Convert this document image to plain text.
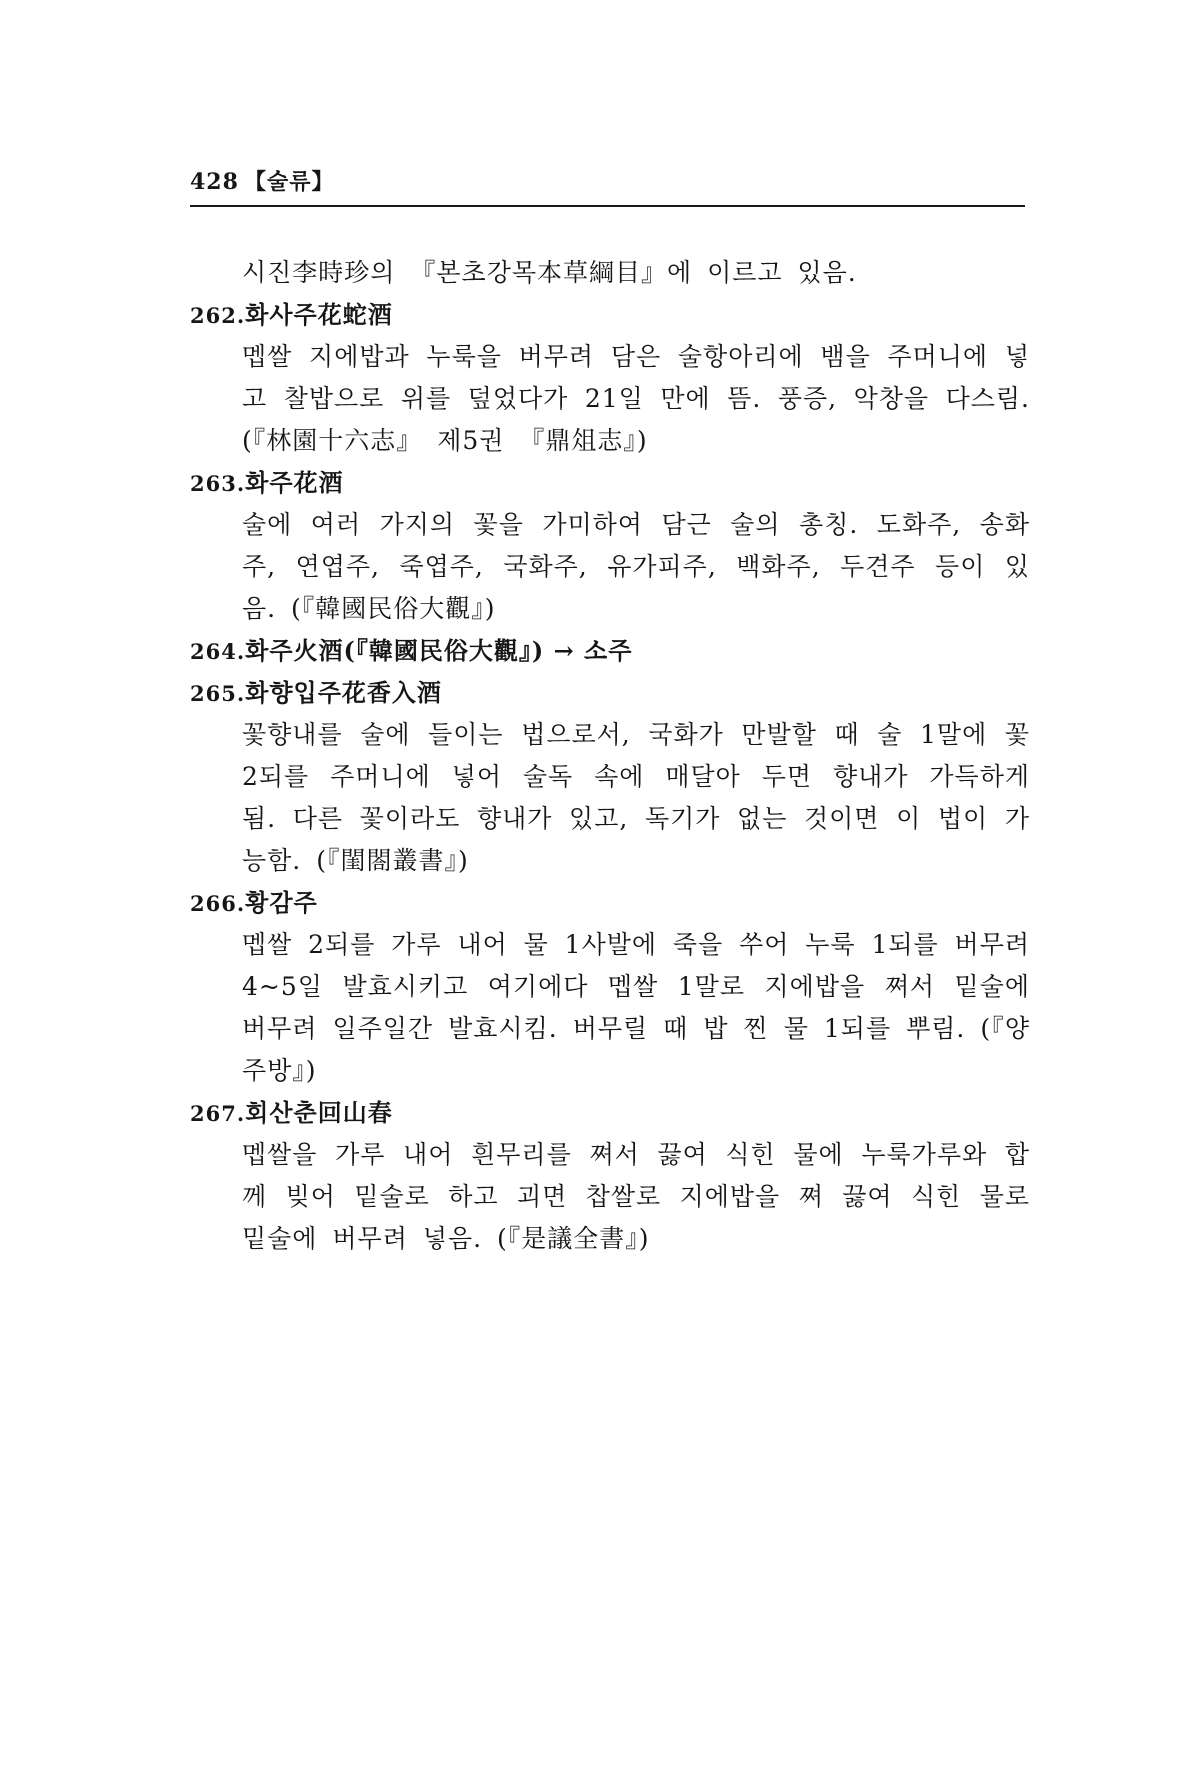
428 【술류】
시진李時珍의 『본초강목本草綱目』에 이르고 있음.
262.화사주花蛇酒
멥쌀 지에밥과 누룩을 버무려 담은 술항아리에 뱀을 주머니에 넣
고 찰밥으로 위를 덮었다가 21일 만에 뜸. 풍증, 악창을 다스림.
(『林園十六志』 제5권 『鼎俎志』)
263.화주花酒
술에 여러 가지의 꽃을 가미하여 담근 술의 총칭. 도화주, 송화
주, 연엽주, 죽엽주, 국화주, 유가피주, 백화주, 두견주 등이 있
음. (『韓國民俗大觀』)
264.화주火酒(『韓國民俗大觀』) → 소주
265.화향입주花香入酒
꽃향내를 술에 들이는 법으로서, 국화가 만발할 때 술 1말에 꽃
2되를 주머니에 넣어 술독 속에 매달아 두면 향내가 가득하게
됨. 다른 꽃이라도 향내가 있고, 독기가 없는 것이면 이 법이 가
능함. (『閨閤叢書』)
266.황감주
멥쌀 2되를 가루 내어 물 1사발에 죽을 쑤어 누룩 1되를 버무려
4~5일 발효시키고 여기에다 멥쌀 1말로 지에밥을 쪄서 밑술에
버무려 일주일간 발효시킴. 버무릴 때 밥 찐 물 1되를 뿌림. (『양
주방』)
267.회산춘回山春
멥쌀을 가루 내어 흰무리를 쪄서 끓여 식힌 물에 누룩가루와 합
께 빚어 밑술로 하고 괴면 찹쌀로 지에밥을 쪄 끓여 식힌 물로
밑술에 버무려 넣음. (『是議全書』)
